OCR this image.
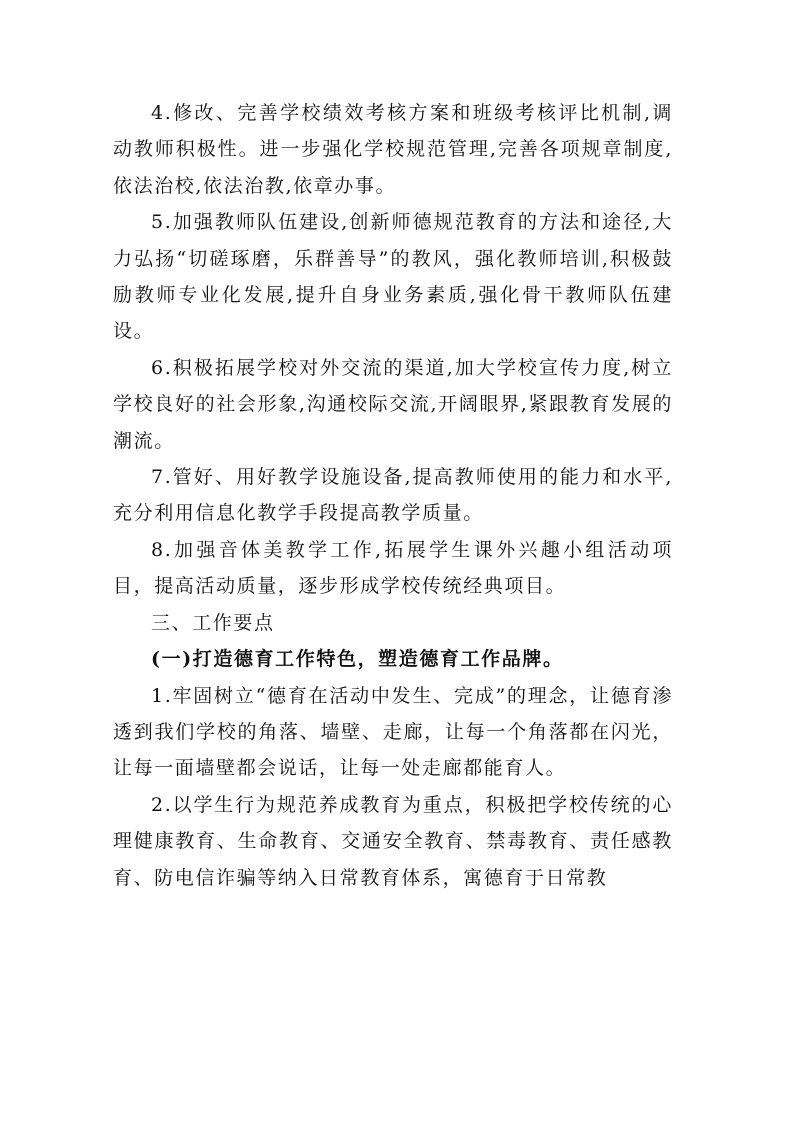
4.修改、完善学校绩效考核方案和班级考核评比机制,调动教师积极性。进一步强化学校规范管理,完善各项规章制度,依法治校,依法治教,依章办事。

5.加强教师队伍建设,创新师德规范教育的方法和途径,大力弘扬“切磋琢磨，乐群善导”的教风，强化教师培训,积极鼓励教师专业化发展,提升自身业务素质,强化骨干教师队伍建设。

6.积极拓展学校对外交流的渠道,加大学校宣传力度,树立学校良好的社会形象,沟通校际交流,开阔眼界,紧跟教育发展的潮流。

7.管好、用好教学设施设备,提高教师使用的能力和水平,充分利用信息化教学手段提高教学质量。

8.加强音体美教学工作,拓展学生课外兴趣小组活动项目，提高活动质量，逐步形成学校传统经典项目。

三、工作要点

(一)打造德育工作特色，塑造德育工作品牌。

1.牢固树立“德育在活动中发生、完成”的理念，让德育渗透到我们学校的角落、墙壁、走廊，让每一个角落都在闪光，让每一面墙壁都会说话，让每一处走廊都能育人。

2.以学生行为规范养成教育为重点，积极把学校传统的心理健康教育、生命教育、交通安全教育、禁毒教育、责任感教育、防电信诈骗等纳入日常教育体系，寓德育于日常教
